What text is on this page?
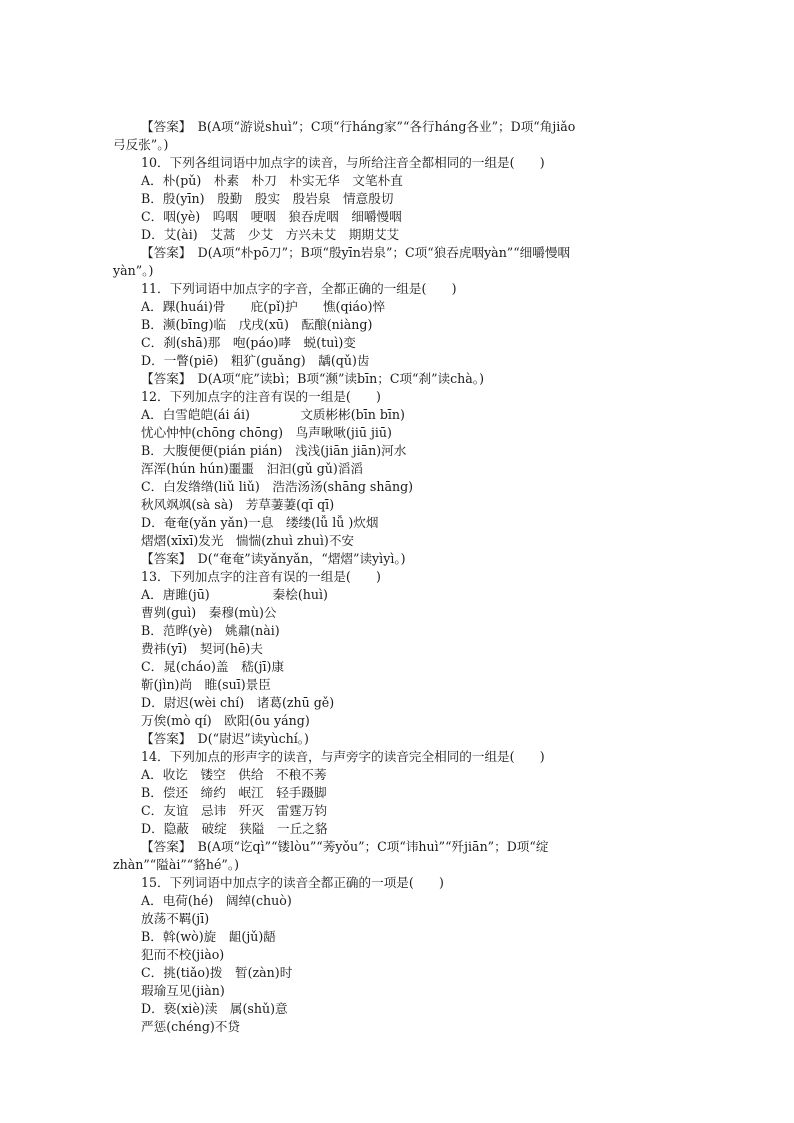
【答案】　B(A项“游说shuì”；C项“行háng家”“各行háng各业”；D项“角jiǎo
弓反张”。)
10．下列各组词语中加点字的读音，与所给注音全都相同的一组是(　　)
A．朴(pǔ)　朴素　朴刀　朴实无华　文笔朴直
B．殷(yīn)　殷勤　殷实　殷岩泉　情意殷切
C．咽(yè)　呜咽　哽咽　狼吞虎咽　细嚼慢咽
D．艾(ài)　艾蒿　少艾　方兴未艾　期期艾艾
【答案】　D(A项“朴pō刀”；B项“殷yīn岩泉”；C项“狼吞虎咽yàn”“细嚼慢咽
yàn”。)
11．下列词语中加点字的字音，全都正确的一组是(　　)
A．踝(huái)骨　　庇(pǐ)护　　憔(qiáo)悴
B．濒(bīng)临　戊戌(xū)　酝酿(niàng)
C．刹(shā)那　咆(páo)哮　蜕(tuì)变
D．一瞥(piē)　粗犷(guǎng)　龋(qǔ)齿
【答案】　D(A项“庇”读bì；B项“濒”读bīn；C项“刹”读chà。)
12．下列加点字的注音有误的一组是(　　)
A．白雪皑皑(ái ái)　　　　文质彬彬(bīn bīn)
忧心忡忡(chōng chōng)　鸟声啾啾(jiū jiū)
B．大腹便便(pián pián)　浅浅(jiān jiān)河水
浑浑(hún hún)噩噩　汩汩(gǔ gǔ)滔滔
C．白发绺绺(liǔ liǔ)　浩浩汤汤(shāng shāng)
秋风飒飒(sà sà)　芳草萋萋(qī qī)
D．奄奄(yǎn yǎn)一息　缕缕(lǚ lǚ )炊烟
熠熠(xīxī)发光　惴惴(zhuì zhuì)不安
【答案】　D(“奄奄”读yǎnyǎn，“熠熠”读yìyì。)
13．下列加点字的注音有误的一组是(　　)
A．唐雎(jū)　　　　　秦桧(huì)
曹刿(guì)　秦穆(mù)公
B．范晔(yè)　姚鼐(nài)
费祎(yī)　契诃(hē)夫
C．晁(cháo)盖　嵇(jī)康
靳(jìn)尚　睢(suī)景臣
D．尉迟(wèi chí)　诸葛(zhū gě)
万俟(mò qí)　欧阳(ōu yáng)
【答案】　D(“尉迟”读yùchí。)
14．下列加点的形声字的读音，与声旁字的读音完全相同的一组是(　　)
A．收讫　镂空　供给　不稂不莠
B．偿还　缔约　岷江　轻手蹑脚
C．友谊　忌讳　歼灭　雷霆万钧
D．隐蔽　破绽　狭隘　一丘之貉
【答案】　B(A项“讫qì”“镂lòu”“莠yǒu”；C项“讳huì”“歼jiān”；D项“绽
zhàn”“隘ài”“貉hé”。)
15．下列词语中加点字的读音全都正确的一项是(　　)
A．电荷(hé)　阔绰(chuò)
放荡不羁(jī)
B．斡(wò)旋　龃(jǔ)龉
犯而不校(jiào)
C．挑(tiǎo)拨　暂(zàn)时
瑕瑜互见(jiàn)
D．亵(xiè)渎　属(shǔ)意
严惩(chéng)不贷
